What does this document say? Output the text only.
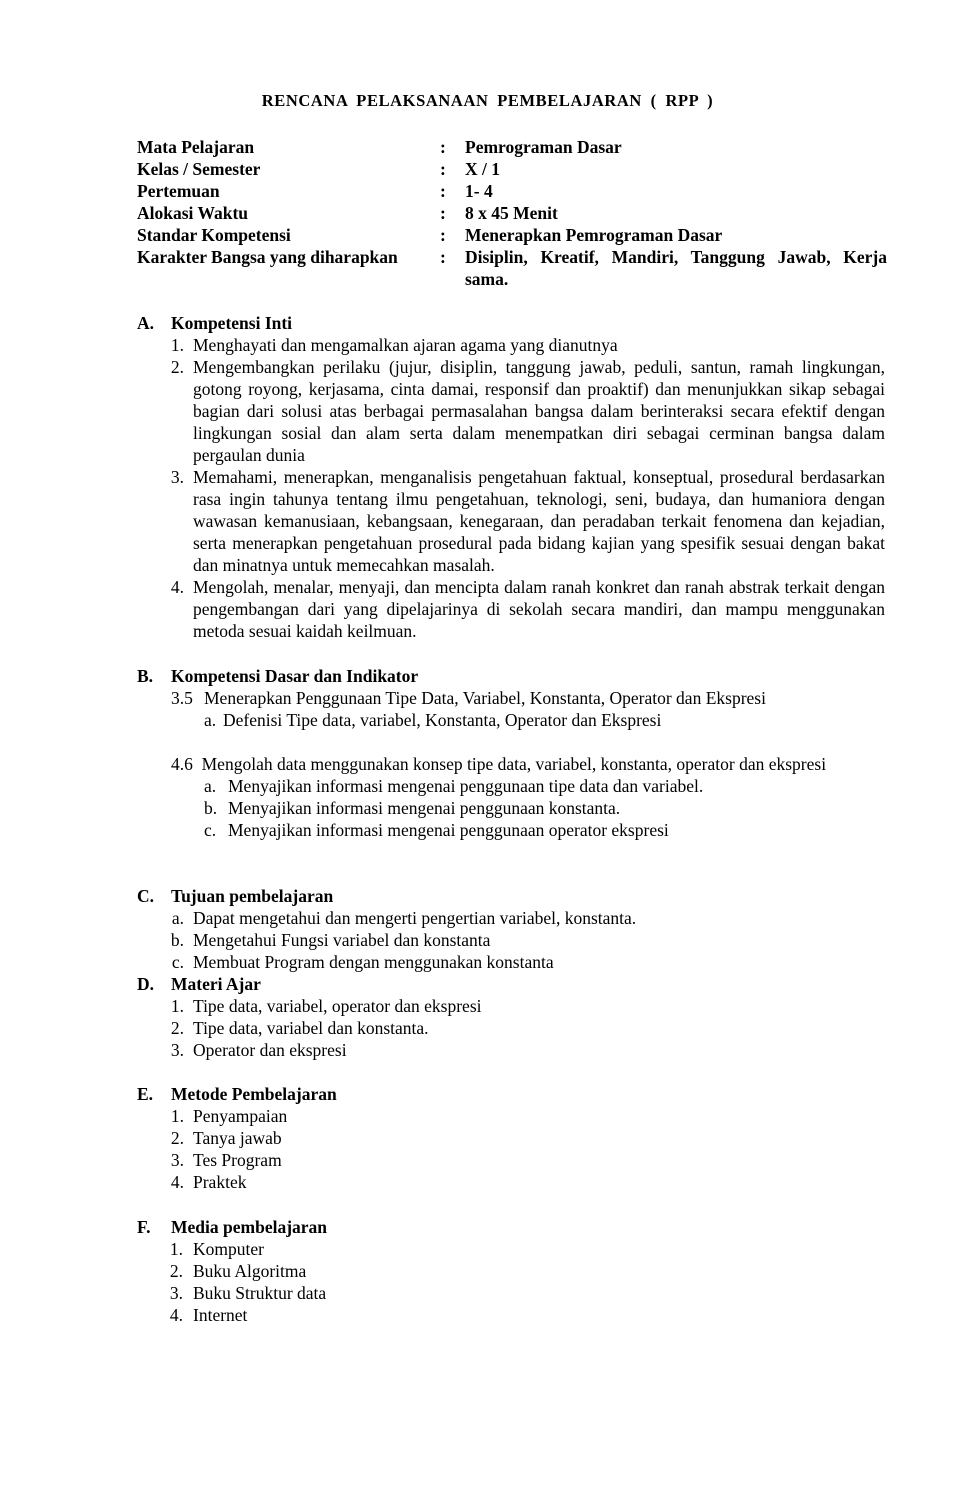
RENCANA PELAKSANAAN PEMBELAJARAN ( RPP )
Mata Pelajaran	:	Pemrograman Dasar
Kelas / Semester	:	X / 1
Pertemuan	:	1- 4
Alokasi Waktu	:	8 x 45 Menit
Standar Kompetensi	:	Menerapkan Pemrograman Dasar
Karakter Bangsa yang diharapkan	:	Disiplin, Kreatif, Mandiri, Tanggung Jawab, Kerja sama.
A. Kompetensi Inti
1. Menghayati dan mengamalkan ajaran agama yang dianutnya
2. Mengembangkan perilaku (jujur, disiplin, tanggung jawab, peduli, santun, ramah lingkungan, gotong royong, kerjasama, cinta damai, responsif dan proaktif) dan menunjukkan sikap sebagai bagian dari solusi atas berbagai permasalahan bangsa dalam berinteraksi secara efektif dengan lingkungan sosial dan alam serta dalam menempatkan diri sebagai cerminan bangsa dalam pergaulan dunia
3. Memahami, menerapkan, menganalisis pengetahuan faktual, konseptual, prosedural berdasarkan rasa ingin tahunya tentang ilmu pengetahuan, teknologi, seni, budaya, dan humaniora dengan wawasan kemanusiaan, kebangsaan, kenegaraan, dan peradaban terkait fenomena dan kejadian, serta menerapkan pengetahuan prosedural pada bidang kajian yang spesifik sesuai dengan bakat dan minatnya untuk memecahkan masalah.
4. Mengolah, menalar, menyaji, dan mencipta dalam ranah konkret dan ranah abstrak terkait dengan pengembangan dari yang dipelajarinya di sekolah secara mandiri, dan mampu menggunakan metoda sesuai kaidah keilmuan.
B.	Kompetensi Dasar dan Indikator
3.5 Menerapkan Penggunaan Tipe Data, Variabel, Konstanta, Operator dan Ekspresi
a. Defenisi Tipe data, variabel, Konstanta, Operator dan Ekspresi
4.6 Mengolah data menggunakan konsep tipe data, variabel, konstanta, operator dan ekspresi
a. Menyajikan informasi mengenai penggunaan tipe data dan variabel.
b. Menyajikan informasi mengenai penggunaan konstanta.
c. Menyajikan informasi mengenai penggunaan operator ekspresi
C. Tujuan pembelajaran
a. Dapat mengetahui dan mengerti pengertian variabel, konstanta.
b. Mengetahui Fungsi variabel dan konstanta
c. Membuat Program dengan menggunakan konstanta
D. Materi Ajar
1. Tipe data, variabel, operator dan ekspresi
2. Tipe data, variabel dan konstanta.
3. Operator dan ekspresi
E.	Metode Pembelajaran
1. Penyampaian
2. Tanya jawab
3. Tes Program
4. Praktek
F.	Media pembelajaran
1. Komputer
2. Buku Algoritma
3. Buku Struktur data
4. Internet
